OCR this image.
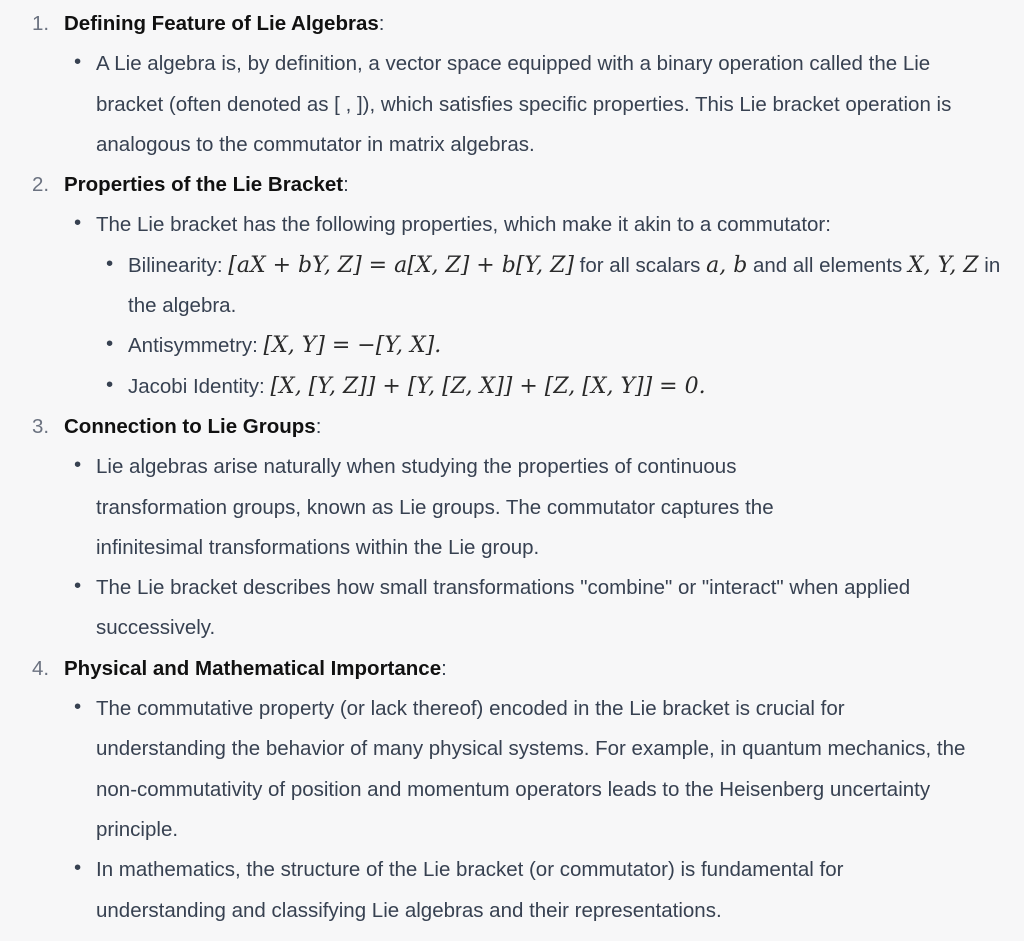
1. Defining Feature of Lie Algebras:
• A Lie algebra is, by definition, a vector space equipped with a binary operation called the Lie bracket (often denoted as [ , ]), which satisfies specific properties. This Lie bracket operation is analogous to the commutator in matrix algebras.
2. Properties of the Lie Bracket:
• The Lie bracket has the following properties, which make it akin to a commutator:
• Bilinearity: [aX + bY, Z] = a[X, Z] + b[Y, Z] for all scalars a, b and all elements X, Y, Z in the algebra.
• Antisymmetry: [X, Y] = −[Y, X].
• Jacobi Identity: [X, [Y, Z]] + [Y, [Z, X]] + [Z, [X, Y]] = 0.
3. Connection to Lie Groups:
• Lie algebras arise naturally when studying the properties of continuous transformation groups, known as Lie groups. The commutator captures the infinitesimal transformations within the Lie group.
• The Lie bracket describes how small transformations "combine" or "interact" when applied successively.
4. Physical and Mathematical Importance:
• The commutative property (or lack thereof) encoded in the Lie bracket is crucial for understanding the behavior of many physical systems. For example, in quantum mechanics, the non-commutativity of position and momentum operators leads to the Heisenberg uncertainty principle.
• In mathematics, the structure of the Lie bracket (or commutator) is fundamental for understanding and classifying Lie algebras and their representations.
